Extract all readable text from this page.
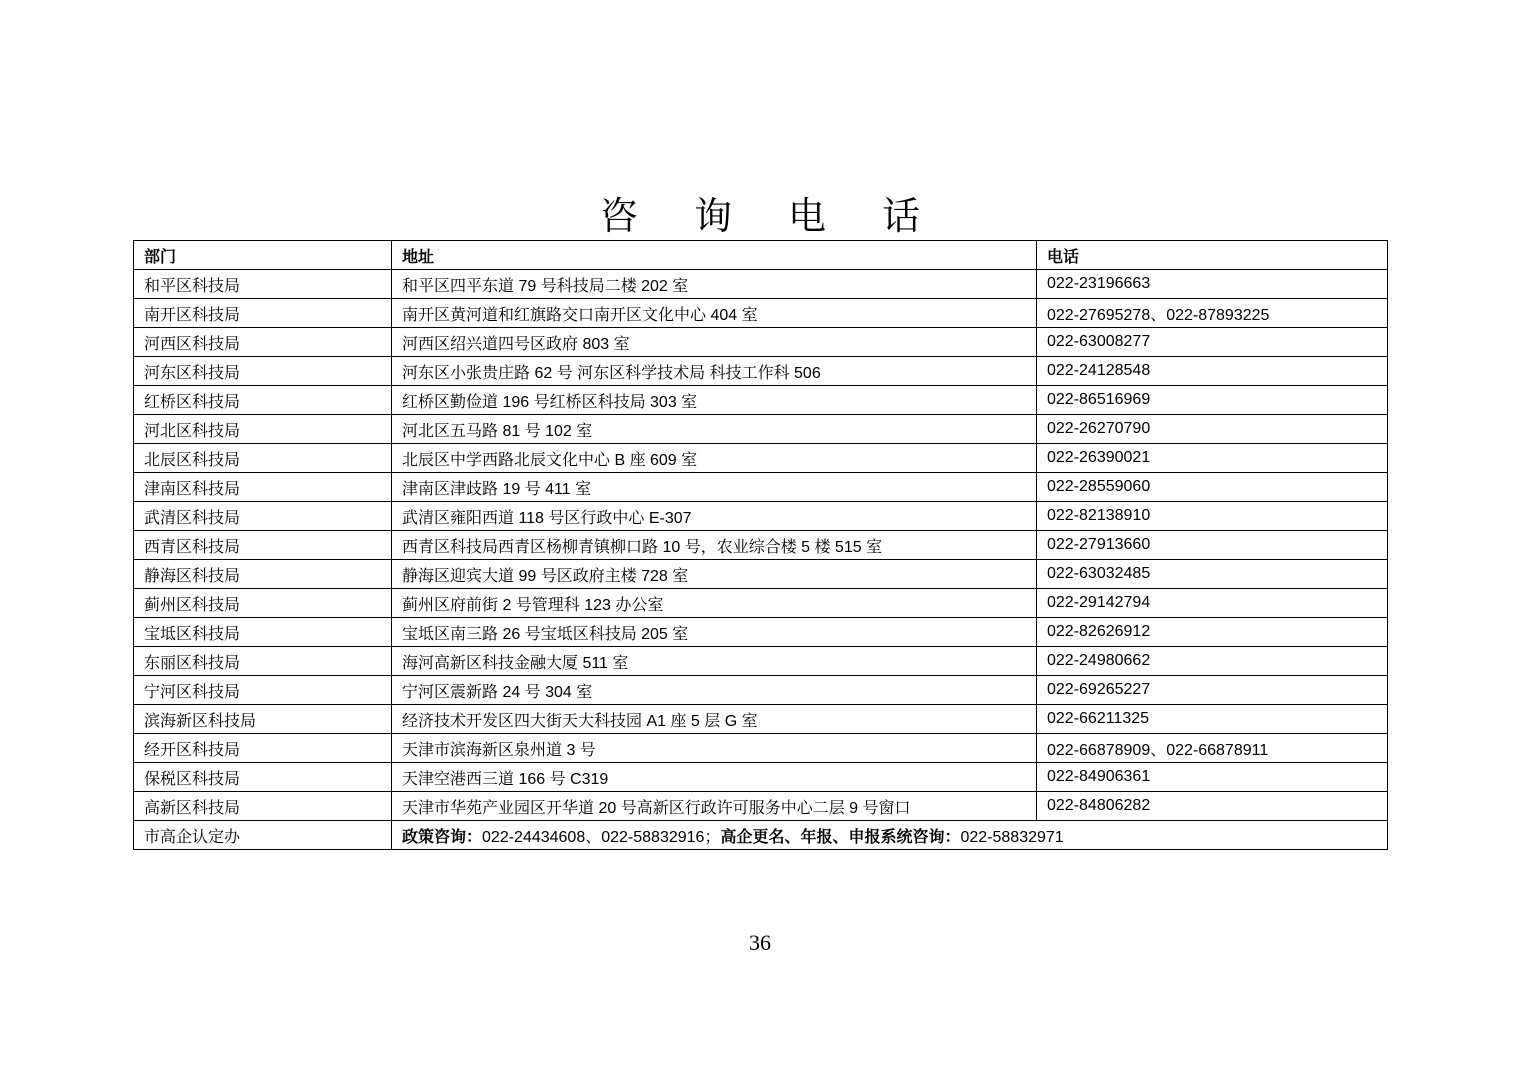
咨 询 电 话
部门	地址	电话
和平区科技局	和平区四平东道 79 号科技局二楼 202 室	022-23196663
南开区科技局	南开区黄河道和红旗路交口南开区文化中心 404 室	022-27695278、022-87893225
河西区科技局	河西区绍兴道四号区政府 803 室	022-63008277
河东区科技局	河东区小张贵庄路 62 号 河东区科学技术局 科技工作科 506	022-24128548
红桥区科技局	红桥区勤俭道 196 号红桥区科技局 303 室	022-86516969
河北区科技局	河北区五马路 81 号 102 室	022-26270790
北辰区科技局	北辰区中学西路北辰文化中心 B 座 609 室	022-26390021
津南区科技局	津南区津歧路 19 号 411 室	022-28559060
武清区科技局	武清区雍阳西道 118 号区行政中心 E-307	022-82138910
西青区科技局	西青区科技局西青区杨柳青镇柳口路 10 号，农业综合楼 5 楼 515 室	022-27913660
静海区科技局	静海区迎宾大道 99 号区政府主楼 728 室	022-63032485
蓟州区科技局	蓟州区府前街 2 号管理科 123 办公室	022-29142794
宝坻区科技局	宝坻区南三路 26 号宝坻区科技局 205 室	022-82626912
东丽区科技局	海河高新区科技金融大厦 511 室	022-24980662
宁河区科技局	宁河区震新路 24 号 304 室	022-69265227
滨海新区科技局	经济技术开发区四大街天大科技园 A1 座 5 层 G 室	022-66211325
经开区科技局	天津市滨海新区泉州道 3 号	022-66878909、022-66878911
保税区科技局	天津空港西三道 166 号 C319	022-84906361
高新区科技局	天津市华苑产业园区开华道 20 号高新区行政许可服务中心二层 9 号窗口	022-84806282
市高企认定办	政策咨询：022-24434608、022-58832916；高企更名、年报、申报系统咨询：022-58832971	
36
